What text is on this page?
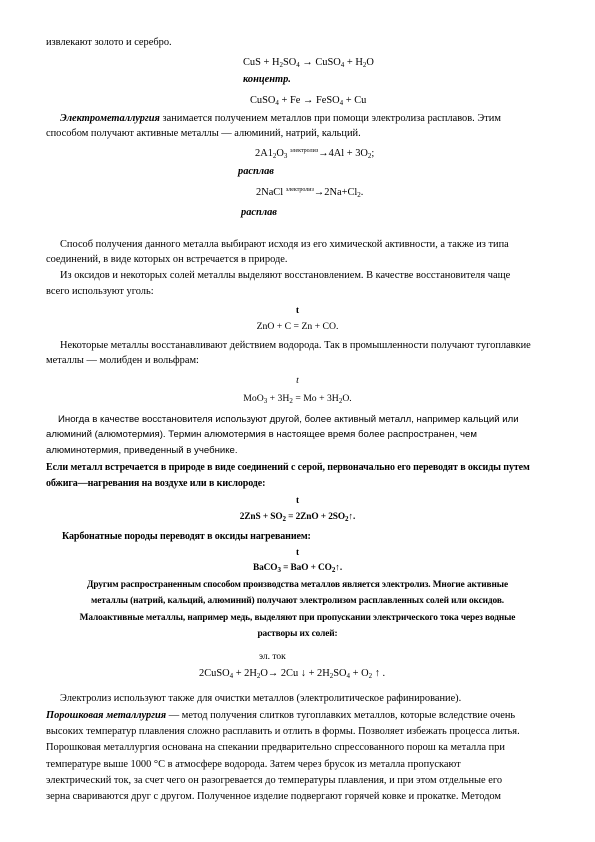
извлекают золото и серебро.
CuS + $H_2SO_4$ → CuSO$_4$ + $H_2O$
концентр.
CuSO$_4$ + Fe → FeSO$_4$ + Cu
Электрометаллургия занимается получением металлов при помощи электролиза расплавов. Этим
способом получают активные металлы — алюминий, натрий, кальций.
$2A1_2O_3$ $^{электролиз}\to 4Al + 3O_2$;
расплав
2NaCl $^{электролиз}\to 2Na+Cl_2$.
расплав
Способ получения данного металла выбирают исходя из его химической активности, а также из типа
соединений, в виде которых он встречается в природе.
Из оксидов и некоторых солей металлы выделяют восстановлением. В качестве восстановителя чаще
всего используют уголь:
t
ZnO + C = Zn + CO.
Некоторые металлы восстанавливают действием водорода. Так в промышленности получают тугоплавкие
металлы — молибден и вольфрам:
t
$MoO_3 + 3H_2 = Mo + 3H_2O$.
Иногда в качестве восстановителя используют другой, более активный металл, например кальций или
алюминий (алюмотермия). Термин алюмотермия в настоящее время более распространен, чем
алюминотермия, приведенный в учебнике.
Если металл встречается в природе в виде соединений с серой, первоначально его переводят в оксиды путем
обжига—нагревания на воздухе или в кислороде:
t
$2ZnS + SO_2 = 2ZnO$ + $2SO_2↑$.
Карбонатные породы переводят в оксиды нагреванием:
t
BaCO$_3$ = BaO + $CO_2↑$.
Другим распространенным способом производства металлов является электролиз. Многие активные
металлы (натрий, кальций, алюминий) получают электролизом расплавленных солей или оксидов.
Малоактивные металлы, например медь, выделяют при пропускании электрического тока через водные
растворы их солей:
эл. ток
2CuSO$_4$ + $2H_2O\to 2Cu$ ↓ + $2H_2SO_4 + O_2$ ↑ .
Электролиз используют также для очистки металлов (электролитическое рафинирование).
Порошковая металлургия — метод получения слитков тугоплавких металлов, которые вследствие очень
высоких температур плавления сложно расплавить и отлить в формы. Позволяет избежать процесса литья.
Порошковая металлургия основана на спекании предварительно спрессованного порош ка металла при
температуре выше 1000 °С в атмосфере водорода. Затем через брусок из металла пропускают
электрический ток, за счет чего он разогревается до температуры плавления, и при этом отдельные его
зерна свариваются друг с другом. Полученное изделие подвергают горячей ковке и прокатке. Методом
